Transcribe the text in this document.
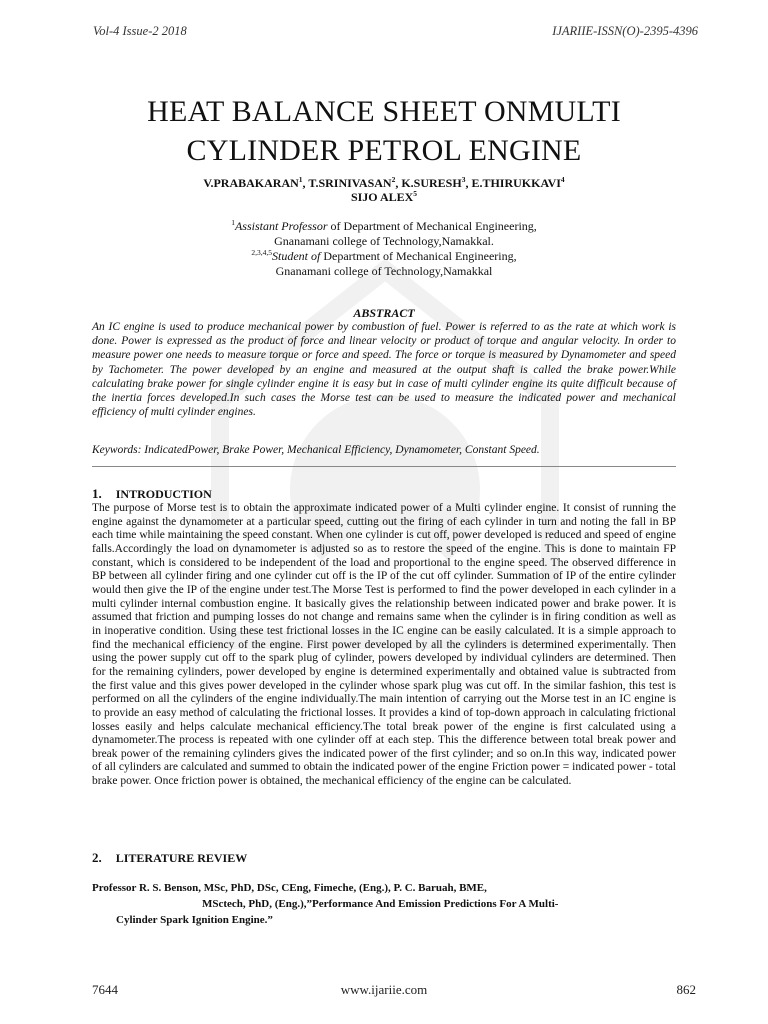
Vol-4 Issue-2 2018	IJARIIE-ISSN(O)-2395-4396
HEAT BALANCE SHEET ONMULTI
CYLINDER PETROL ENGINE
V.PRABAKARAN$^1$, T.SRINIVASAN$^2$, K.SURESH$^3$, E.THIRUKKAVI$^4$
SIJO ALEX$^5$
$^1$Assistant Professor of Department of Mechanical Engineering,
Gnanamani college of Technology,Namakkal.
$^{2,3,4,5}$Student of Department of Mechanical Engineering,
Gnanamani college of Technology,Namakkal
ABSTRACT
An IC engine is used to produce mechanical power by combustion of fuel. Power is referred to as the rate at which work is done. Power is expressed as the product of force and linear velocity or product of torque and angular velocity. In order to measure power one needs to measure torque or force and speed. The force or torque is measured by Dynamometer and speed by Tachometer. The power developed by an engine and measured at the output shaft is called the brake power.While calculating brake power for single cylinder engine it is easy but in case of multi cylinder engine its quite difficult because of the inertia forces developed.In such cases the Morse test can be used to measure the indicated power and mechanical efficiency of multi cylinder engines.
Keywords: IndicatedPower, Brake Power, Mechanical Efficiency, Dynamometer, Constant Speed.
1. INTRODUCTION
The purpose of Morse test is to obtain the approximate indicated power of a Multi cylinder engine. It consist of running the engine against the dynamometer at a particular speed, cutting out the firing of each cylinder in turn and noting the fall in BP each time while maintaining the speed constant. When one cylinder is cut off, power developed is reduced and speed of engine falls.Accordingly the load on dynamometer is adjusted so as to restore the speed of the engine. This is done to maintain FP constant, which is considered to be independent of the load and proportional to the engine speed. The observed difference in BP between all cylinder firing and one cylinder cut off is the IP of the cut off cylinder. Summation of IP of the entire cylinder would then give the IP of the engine under test.The Morse Test is performed to find the power developed in each cylinder in a multi cylinder internal combustion engine. It basically gives the relationship between indicated power and brake power. It is assumed that friction and pumping losses do not change and remains same when the cylinder is in firing condition as well as in inoperative condition. Using these test frictional losses in the IC engine can be easily calculated. It is a simple approach to find the mechanical efficiency of the engine. First power developed by all the cylinders is determined experimentally. Then using the power supply cut off to the spark plug of cylinder, powers developed by individual cylinders are determined. Then for the remaining cylinders, power developed by engine is determined experimentally and obtained value is subtracted from the first value and this gives power developed in the cylinder whose spark plug was cut off. In the similar fashion, this test is performed on all the cylinders of the engine individually.The main intention of carrying out the Morse test in an IC engine is to provide an easy method of calculating the frictional losses. It provides a kind of top-down approach in calculating frictional losses easily and helps calculate mechanical efficiency.The total break power of the engine is first calculated using a dynamometer.The process is repeated with one cylinder off at each step. This the difference between total break power and break power of the remaining cylinders gives the indicated power of the first cylinder; and so on.In this way, indicated power of all cylinders are calculated and summed to obtain the indicated power of the engine Friction power = indicated power - total brake power. Once friction power is obtained, the mechanical efficiency of the engine can be calculated.
2. LITERATURE REVIEW
Professor R. S. Benson, MSc, PhD, DSc, CEng, Fimeche, (Eng.), P. C. Baruah, BME,
MSctech, PhD, (Eng.),”Performance And Emission Predictions For A Multi-
Cylinder Spark Ignition Engine.”
7644	www.ijariie.com	862
